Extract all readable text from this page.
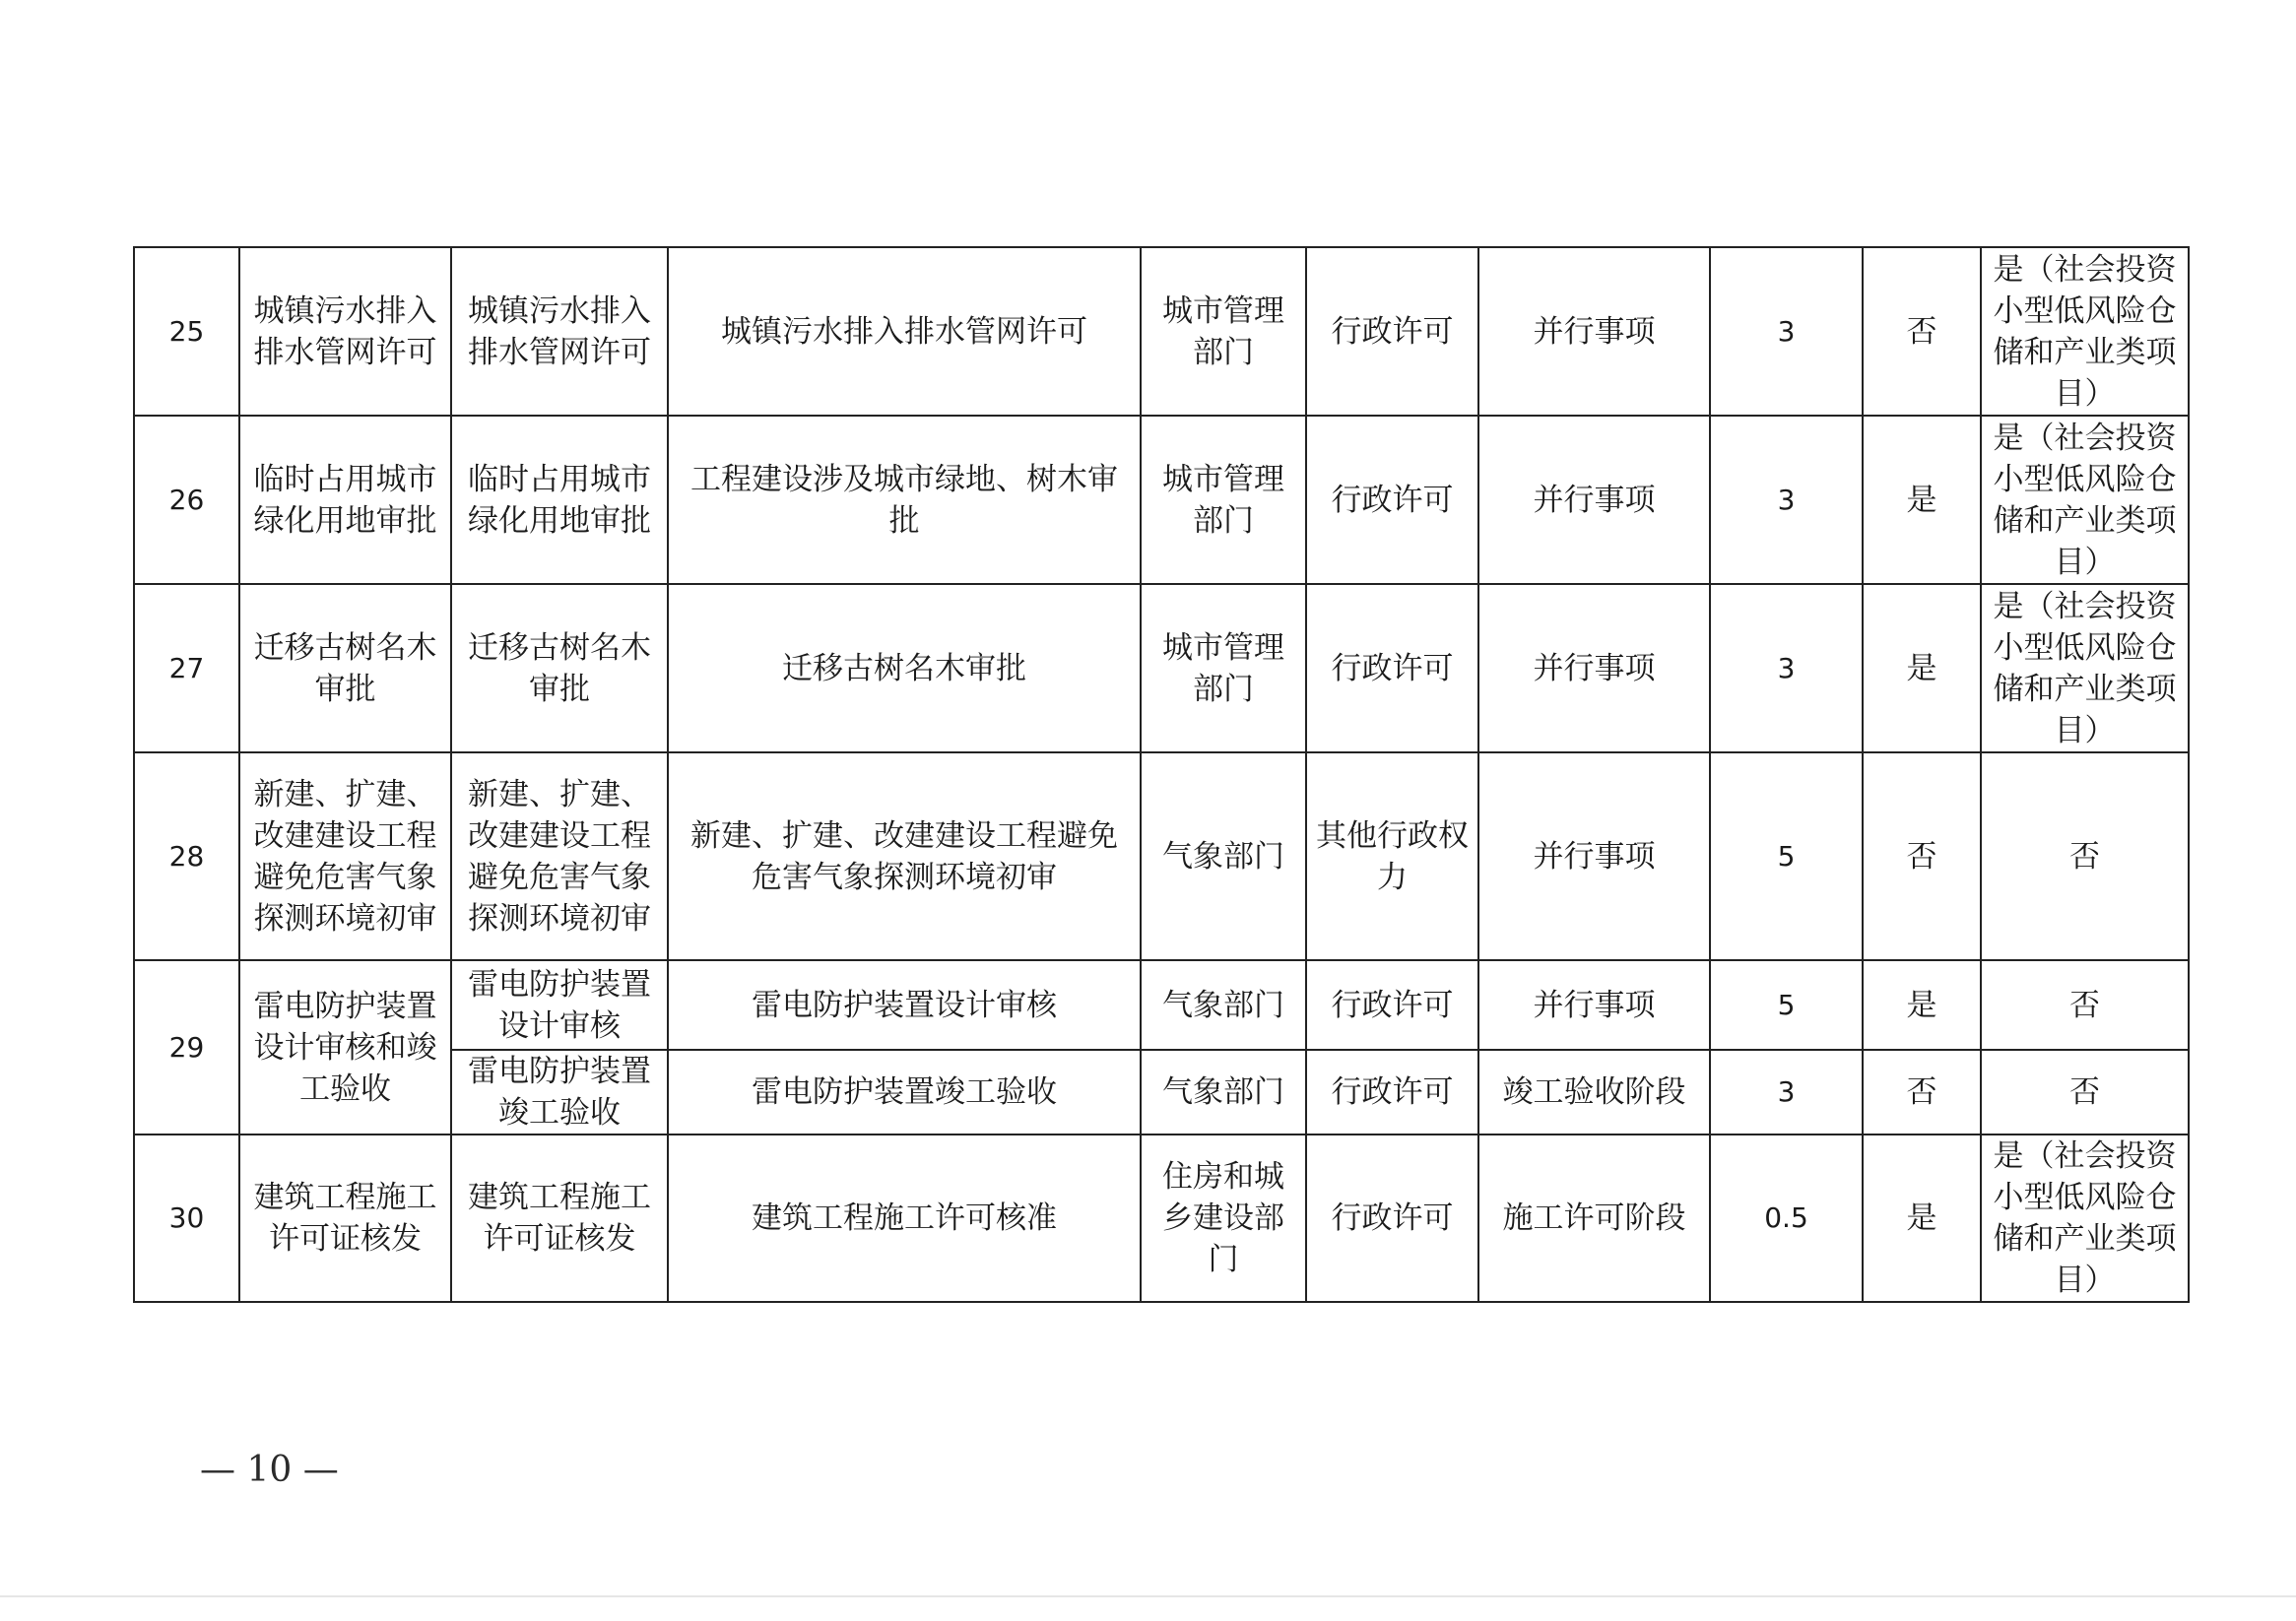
25	城镇污水排入排水管网许可	城镇污水排入排水管网许可	城镇污水排入排水管网许可	城市管理部门	行政许可	并行事项	3	否	是（社会投资小型低风险仓储和产业类项目）
26	临时占用城市绿化用地审批	临时占用城市绿化用地审批	工程建设涉及城市绿地、树木审批	城市管理部门	行政许可	并行事项	3	是	是（社会投资小型低风险仓储和产业类项目）
27	迁移古树名木审批	迁移古树名木审批	迁移古树名木审批	城市管理部门	行政许可	并行事项	3	是	是（社会投资小型低风险仓储和产业类项目）
28	新建、扩建、改建建设工程避免危害气象探测环境初审	新建、扩建、改建建设工程避免危害气象探测环境初审	新建、扩建、改建建设工程避免危害气象探测环境初审	气象部门	其他行政权力	并行事项	5	否	否
29	雷电防护装置设计审核和竣工验收	雷电防护装置设计审核	雷电防护装置设计审核	气象部门	行政许可	并行事项	5	是	否
		雷电防护装置竣工验收	雷电防护装置竣工验收	气象部门	行政许可	竣工验收阶段	3	否	否
30	建筑工程施工许可证核发	建筑工程施工许可证核发	建筑工程施工许可核准	住房和城乡建设部门	行政许可	施工许可阶段	0.5	是	是（社会投资小型低风险仓储和产业类项目）
— 10 —
